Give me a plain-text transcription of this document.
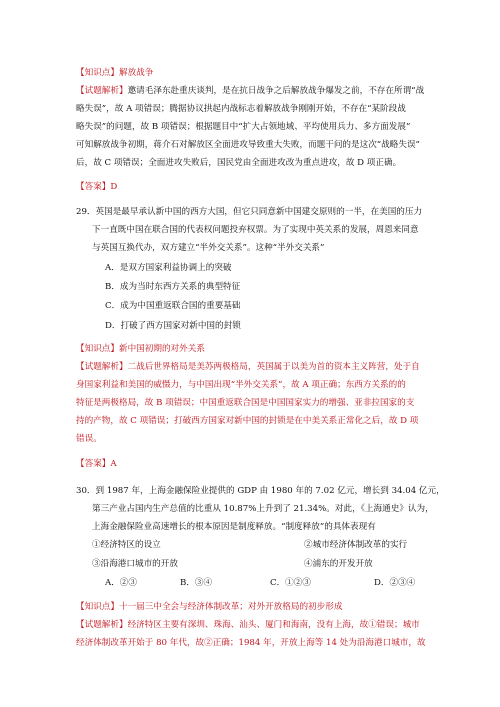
【知识点】解放战争
【试题解析】邀请毛泽东赴重庆谈判，是在抗日战争之后解放战争爆发之前，不存在所谓“战
略失误”，故 A 项错误；腾据协议拱起内战标志着解放战争刚刚开始，不存在“某阶段战
略失误”的问题，故 B 项错误；根据题目中“扩大占领地域、平均使用兵力、多方面发展”
可知解放战争初期，蒋介石对解放区全面进攻导致重大失败，而题干问的是这次“战略失误”
后，故 C 项错误；全面进攻失败后，国民党由全面进攻改为重点进攻，故 D 项正确。
【答案】D
29．英国是最早承认新中国的西方大国，但它只同意新中国建交原则的一半，在美国的压力
下一直既中国在联合国的代表权问题投弃权票。为了实现中英关系的发展，周恩来同意
与英国互换代办，双方建立“半外交关系”。这种“半外交关系”
A．是双方国家利益协调上的突破
B．成为当时东西方关系的典型特征
C．成为中国重返联合国的重要基础
D．打破了西方国家对新中国的封锁
【知识点】新中国初期的对外关系
【试题解析】二战后世界格局是美苏两极格局，英国属于以美为首的资本主义阵营，处于自
身国家利益和美国的威慑力，与中国出现“半外交关系”，故 A 项正确；东西方关系的的
特征是两极格局，故 B 项错误；中国重返联合国是中国国家实力的增强、亚非拉国家的支
持的产物，故 C 项错误；打破西方国家对新中国的封锁是在中美关系正常化之后，故 D 项
错误。
【答案】A
30．到 1987 年，上海金融保险业提供的 GDP 由 1980 年的 7.02 亿元，增长到 34.04 亿元，
第三产业占国内生产总值的比重从 10.87%上升到了 21.34%。对此，《上海通史》认为，
上海金融保险业高速增长的根本原因是制度释放。“制度释放”的具体表现有
①经济特区的设立	②城市经济体制改革的实行
③沿海港口城市的开放	④浦东的开发开放
A．②③	B．③④	C．①②③	D．②③④
【知识点】十一届三中全会与经济体制改革；对外开放格局的初步形成
【试题解析】经济特区主要有深圳、珠海、汕头、厦门和海南，没有上海，故①错误；城市
经济体制改革开始于 80 年代，故②正确；1984 年，开放上海等 14 处为沿海港口城市，故
